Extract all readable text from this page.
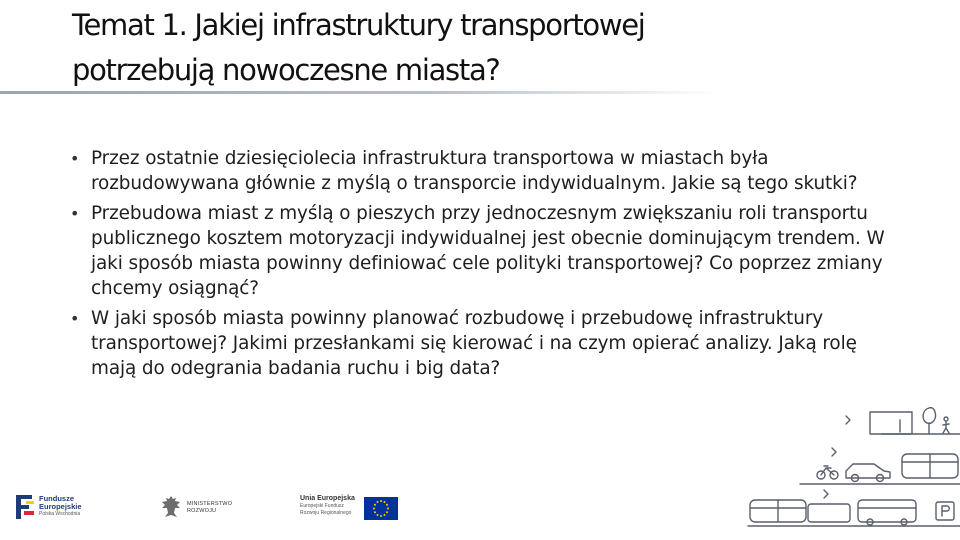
Temat 1. Jakiej infrastruktury transportowej
potrzebują nowoczesne miasta?
• Przez ostatnie dziesięciolecia infrastruktura transportowa w miastach była rozbudowywana głównie z myślą o transporcie indywidualnym. Jakie są tego skutki?
• Przebudowa miast z myślą o pieszych przy jednoczesnym zwiększaniu roli transportu publicznego kosztem motoryzacji indywidualnej jest obecnie dominującym trendem. W jaki sposób miasta powinny definiować cele polityki transportowej? Co poprzez zmiany chcemy osiągnąć?
• W jaki sposób miasta powinny planować rozbudowę i przebudowę infrastruktury transportowej? Jakimi przesłankami się kierować i na czym opierać analizy. Jaką rolę mają do odegrania badania ruchu i big data?
Fundusze
Europejskie
Polska Wschodnia
MINISTERSTWO
ROZWOJU
Unia Europejska
Europejski Fundusz
Rozwoju Regionalnego
